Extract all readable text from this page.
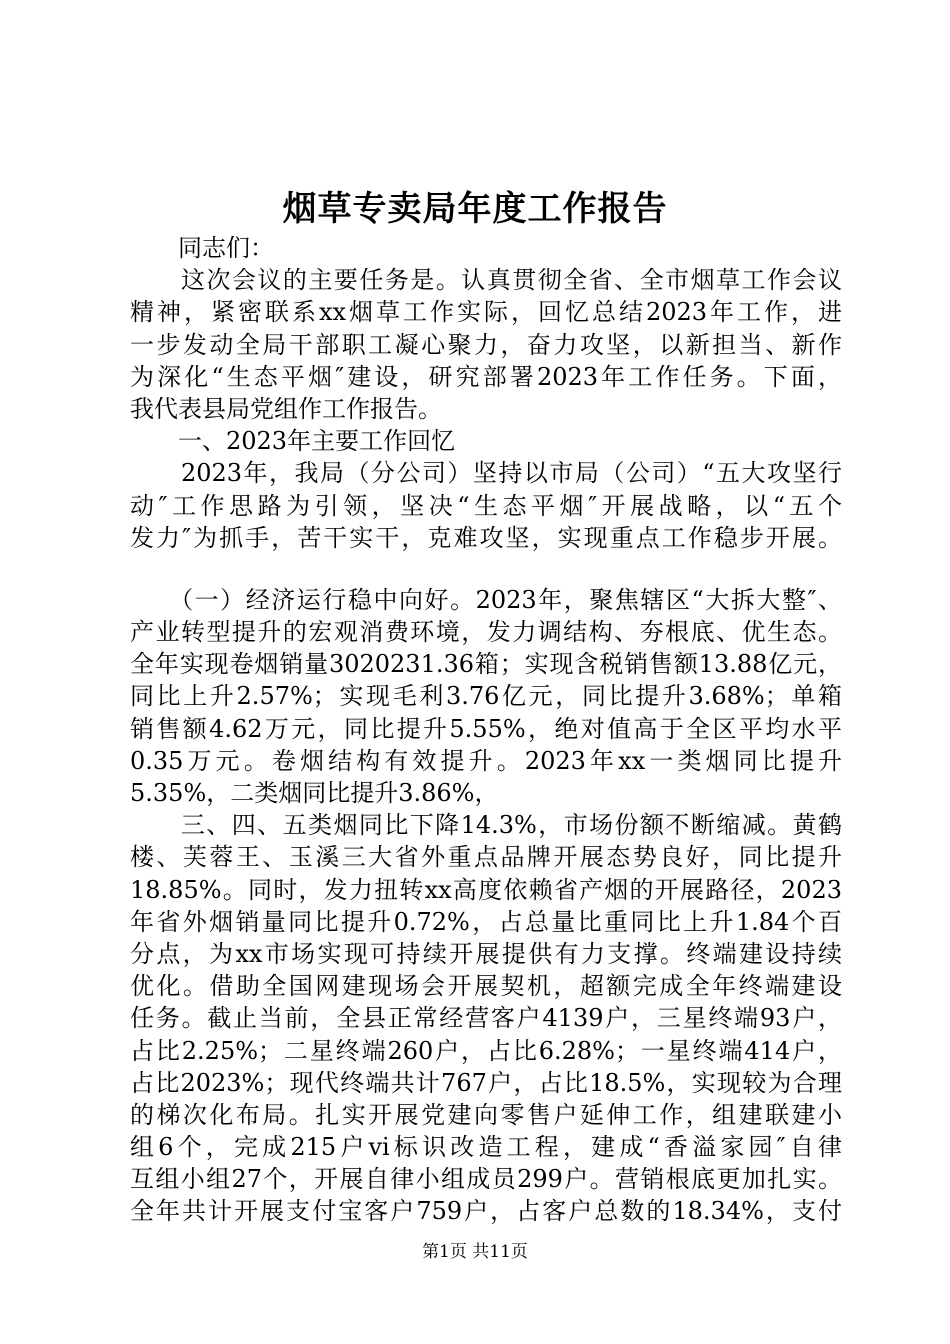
烟草专卖局年度工作报告
　　同志们：
　　这次会议的主要任务是。认真贯彻全省、全市烟草工作会议
精神，紧密联系xx烟草工作实际，回忆总结2023年工作，进
一步发动全局干部职工凝心聚力，奋力攻坚，以新担当、新作
为深化“生态平烟″建设，研究部署2023年工作任务。下面，
我代表县局党组作工作报告。
　　一、2023年主要工作回忆
　　2023年，我局（分公司）坚持以市局（公司）“五大攻坚行
动″工作思路为引领，坚决“生态平烟″开展战略，以“五个
发力″为抓手，苦干实干，克难攻坚，实现重点工作稳步开展。
　　（一）经济运行稳中向好。2023年，聚焦辖区“大拆大整″、
产业转型提升的宏观消费环境，发力调结构、夯根底、优生态。
全年实现卷烟销量3020231.36箱；实现含税销售额13.88亿元，
同比上升2.57%；实现毛利3.76亿元，同比提升3.68%；单箱
销售额4.62万元，同比提升5.55%，绝对值高于全区平均水平
0.35万元。卷烟结构有效提升。2023年xx一类烟同比提升
5.35%，二类烟同比提升3.86%，
　　三、四、五类烟同比下降14.3%，市场份额不断缩减。黄鹤
楼、芙蓉王、玉溪三大省外重点品牌开展态势良好，同比提升
18.85%。同时，发力扭转xx高度依赖省产烟的开展路径，2023
年省外烟销量同比提升0.72%，占总量比重同比上升1.84个百
分点，为xx市场实现可持续开展提供有力支撑。终端建设持续
优化。借助全国网建现场会开展契机，超额完成全年终端建设
任务。截止当前，全县正常经营客户4139户，三星终端93户，
占比2.25%；二星终端260户，占比6.28%；一星终端414户，
占比2023%；现代终端共计767户，占比18.5%，实现较为合理
的梯次化布局。扎实开展党建向零售户延伸工作，组建联建小
组6个，完成215户vi标识改造工程，建成“香溢家园″自律
互组小组27个，开展自律小组成员299户。营销根底更加扎实。
全年共计开展支付宝客户759户，占客户总数的18.34%，支付
第1页 共11页
